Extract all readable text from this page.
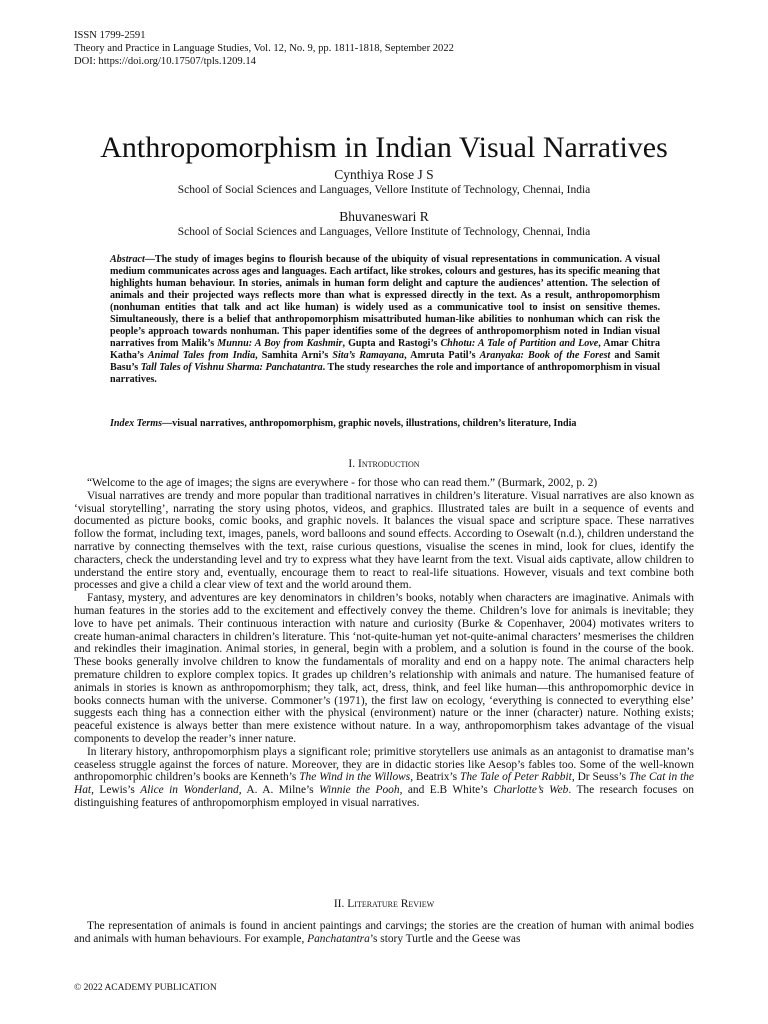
ISSN 1799-2591
Theory and Practice in Language Studies, Vol. 12, No. 9, pp. 1811-1818, September 2022
DOI: https://doi.org/10.17507/tpls.1209.14
Anthropomorphism in Indian Visual Narratives
Cynthiya Rose J S
School of Social Sciences and Languages, Vellore Institute of Technology, Chennai, India
Bhuvaneswari R
School of Social Sciences and Languages, Vellore Institute of Technology, Chennai, India
Abstract—The study of images begins to flourish because of the ubiquity of visual representations in communication. A visual medium communicates across ages and languages. Each artifact, like strokes, colours and gestures, has its specific meaning that highlights human behaviour. In stories, animals in human form delight and capture the audiences’ attention. The selection of animals and their projected ways reflects more than what is expressed directly in the text. As a result, anthropomorphism (nonhuman entities that talk and act like human) is widely used as a communicative tool to insist on sensitive themes. Simultaneously, there is a belief that anthropomorphism misattributed human-like abilities to nonhuman which can risk the people’s approach towards nonhuman. This paper identifies some of the degrees of anthropomorphism noted in Indian visual narratives from Malik’s Munnu: A Boy from Kashmir, Gupta and Rastogi’s Chhotu: A Tale of Partition and Love, Amar Chitra Katha’s Animal Tales from India, Samhita Arni’s Sita’s Ramayana, Amruta Patil’s Aranyaka: Book of the Forest and Samit Basu’s Tall Tales of Vishnu Sharma: Panchatantra. The study researches the role and importance of anthropomorphism in visual narratives.
Index Terms—visual narratives, anthropomorphism, graphic novels, illustrations, children’s literature, India
I. Introduction

“Welcome to the age of images; the signs are everywhere - for those who can read them.” (Burmark, 2002, p. 2)

Visual narratives are trendy and more popular than traditional narratives in children’s literature. Visual narratives are also known as ‘visual storytelling’, narrating the story using photos, videos, and graphics. Illustrated tales are built in a sequence of events and documented as picture books, comic books, and graphic novels. It balances the visual space and scripture space. These narratives follow the format, including text, images, panels, word balloons and sound effects. According to Osewalt (n.d.), children understand the narrative by connecting themselves with the text, raise curious questions, visualise the scenes in mind, look for clues, identify the characters, check the understanding level and try to express what they have learnt from the text. Visual aids captivate, allow children to understand the entire story and, eventually, encourage them to react to real-life situations. However, visuals and text combine both processes and give a child a clear view of text and the world around them.

Fantasy, mystery, and adventures are key denominators in children’s books, notably when characters are imaginative. Animals with human features in the stories add to the excitement and effectively convey the theme. Children’s love for animals is inevitable; they love to have pet animals. Their continuous interaction with nature and curiosity (Burke & Copenhaver, 2004) motivates writers to create human-animal characters in children’s literature. This ‘not-quite-human yet not-quite-animal characters’ mesmerises the children and rekindles their imagination. Animal stories, in general, begin with a problem, and a solution is found in the course of the book. These books generally involve children to know the fundamentals of morality and end on a happy note. The animal characters help premature children to explore complex topics. It grades up children’s relationship with animals and nature. The humanised feature of animals in stories is known as anthropomorphism; they talk, act, dress, think, and feel like human—this anthropomorphic device in books connects human with the universe. Commoner’s (1971), the first law on ecology, ‘everything is connected to everything else’ suggests each thing has a connection either with the physical (environment) nature or the inner (character) nature. Nothing exists; peaceful existence is always better than mere existence without nature. In a way, anthropomorphism takes advantage of the visual components to develop the reader’s inner nature.

In literary history, anthropomorphism plays a significant role; primitive storytellers use animals as an antagonist to dramatise man’s ceaseless struggle against the forces of nature. Moreover, they are in didactic stories like Aesop’s fables too. Some of the well-known anthropomorphic children’s books are Kenneth’s The Wind in the Willows, Beatrix’s The Tale of Peter Rabbit, Dr Seuss’s The Cat in the Hat, Lewis’s Alice in Wonderland, A. A. Milne’s Winnie the Pooh, and E.B White’s Charlotte’s Web. The research focuses on distinguishing features of anthropomorphism employed in visual narratives.

II. Literature Review

The representation of animals is found in ancient paintings and carvings; the stories are the creation of human with animal bodies and animals with human behaviours. For example, Panchatantra’s story Turtle and the Geese was

© 2022 ACADEMY PUBLICATION
